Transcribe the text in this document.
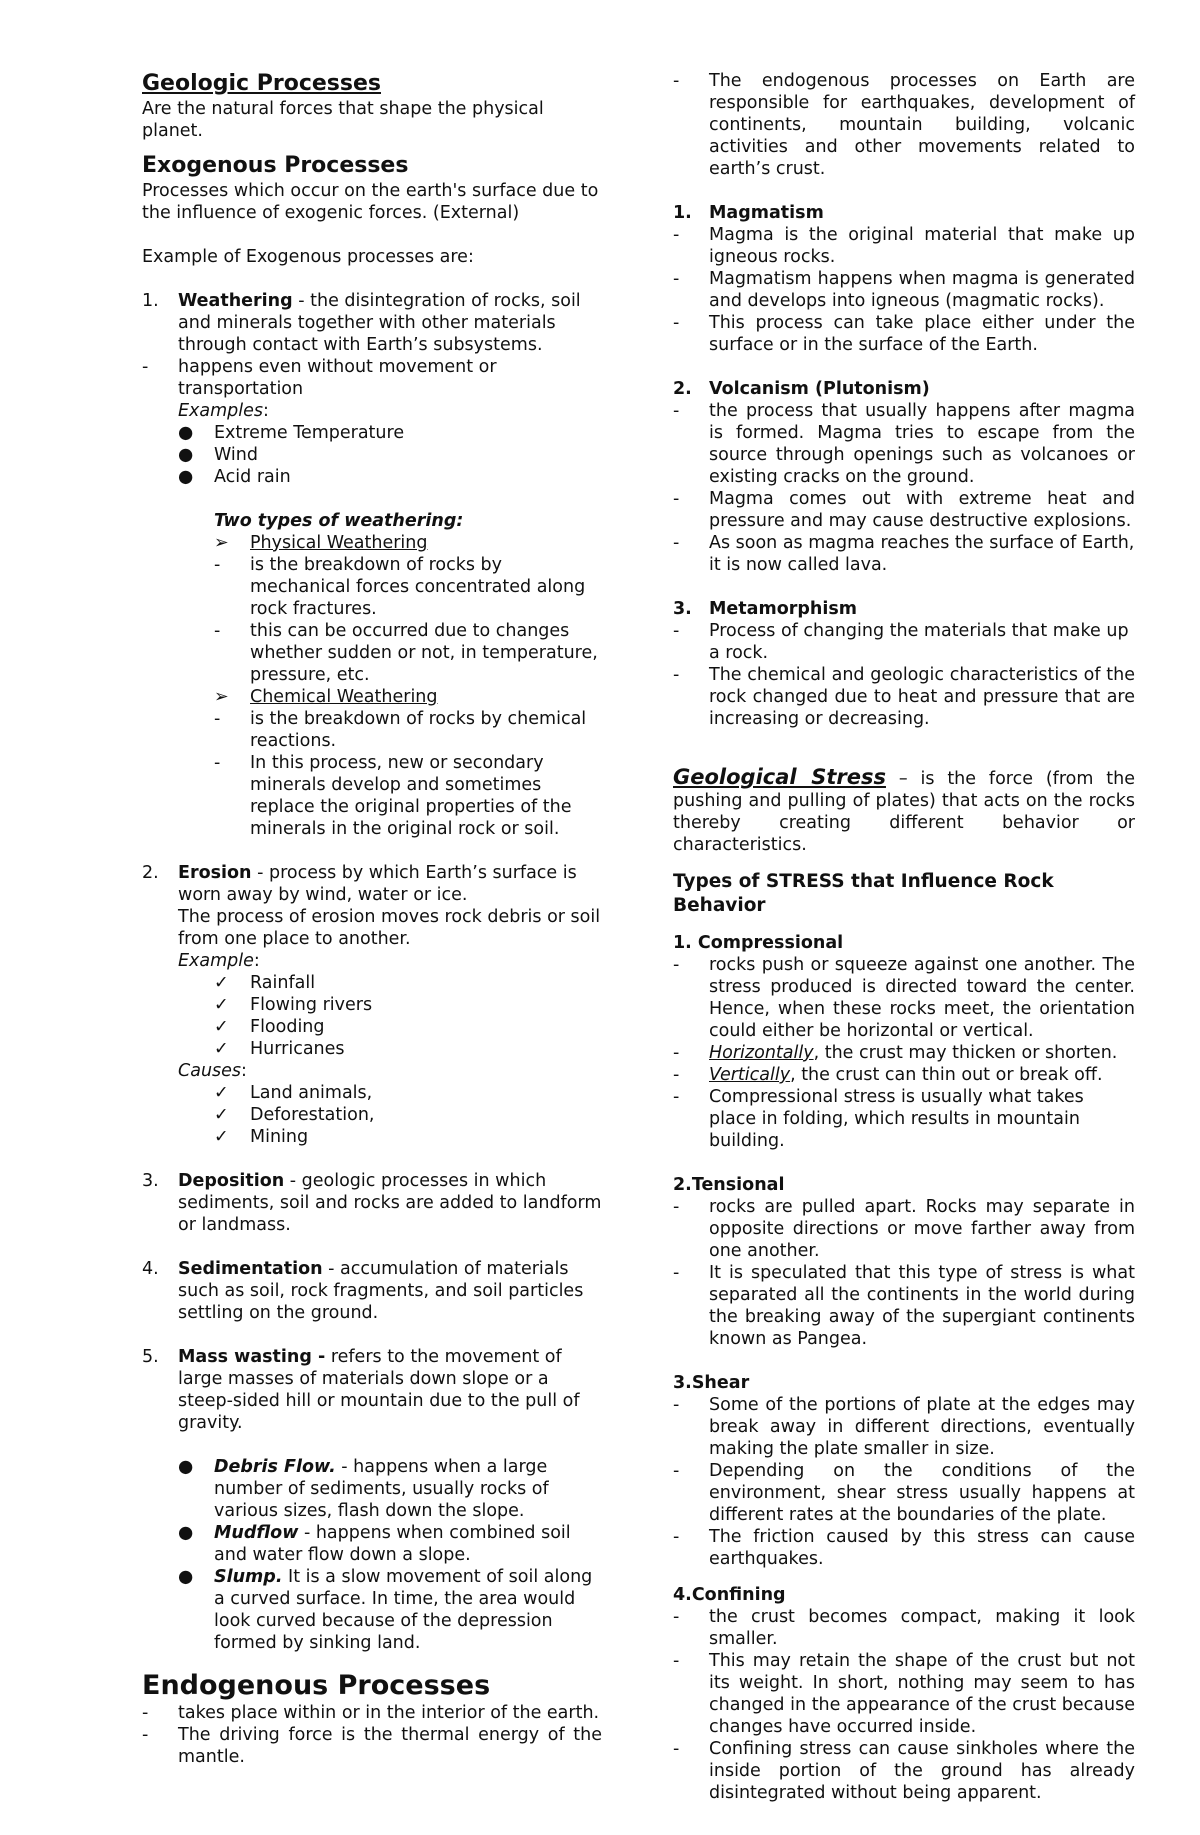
Geologic Processes

Are the natural forces that shape the physical planet.

Exogenous Processes

Processes which occur on the earth's surface due to the influence of exogenic forces. (External)

Example of Exogenous processes are:

1.	Weathering - the disintegration of rocks, soil and minerals together with other materials through contact with Earth’s subsystems.
-	happens even without movement or transportation
Examples:
●	Extreme Temperature
●	Wind
●	Acid rain

Two types of weathering:

➢	Physical Weathering
-	is the breakdown of rocks by mechanical forces concentrated along rock fractures.
-	this can be occurred due to changes whether sudden or not, in temperature, pressure, etc.
➢	Chemical Weathering
-	is the breakdown of rocks by chemical reactions.
-	In this process, new or secondary minerals develop and sometimes replace the original properties of the minerals in the original rock or soil.
2.	Erosion - process by which Earth’s surface is worn away by wind, water or ice.
The process of erosion moves rock debris or soil from one place to another.
Example:
✓	Rainfall
✓	Flowing rivers
✓	Flooding
✓	Hurricanes
Causes:
✓	Land animals,
✓	Deforestation,
✓	Mining
3.	Deposition - geologic processes in which sediments, soil and rocks are added to landform or landmass.
4.	Sedimentation - accumulation of materials such as soil, rock fragments, and soil particles settling on the ground.
5.	Mass wasting - refers to the movement of large masses of materials down slope or a steep-sided hill or mountain due to the pull of gravity.
●	Debris Flow. - happens when a large number of sediments, usually rocks of various sizes, flash down the slope.
●	Mudflow - happens when combined soil and water flow down a slope.
●	Slump. It is a slow movement of soil along a curved surface. In time, the area would look curved because of the depression formed by sinking land.

Endogenous Processes

-	takes place within or in the interior of the earth.
-	The driving force is the thermal energy of the mantle.
-	The endogenous processes on Earth are responsible for earthquakes, development of continents, mountain building, volcanic activities and other movements related to earth’s crust.
1. Magmatism
-	Magma is the original material that make up igneous rocks.
-	Magmatism happens when magma is generated and develops into igneous (magmatic rocks).
-	This process can take place either under the surface or in the surface of the Earth.
2. Volcanism (Plutonism)
-	the process that usually happens after magma is formed. Magma tries to escape from the source through openings such as volcanoes or existing cracks on the ground.
-	Magma comes out with extreme heat and pressure and may cause destructive explosions.
-	As soon as magma reaches the surface of Earth, it is now called lava.
3. Metamorphism
-	Process of changing the materials that make up a rock.
-	The chemical and geologic characteristics of the rock changed due to heat and pressure that are increasing or decreasing.

Geological Stress – is the force (from the pushing and pulling of plates) that acts on the rocks thereby creating different behavior or characteristics.

Types of STRESS that Influence Rock Behavior

1. Compressional

-	rocks push or squeeze against one another. The stress produced is directed toward the center. Hence, when these rocks meet, the orientation could either be horizontal or vertical.
-	Horizontally, the crust may thicken or shorten.
-	Vertically, the crust can thin out or break off.
-	Compressional stress is usually what takes place in folding, which results in mountain building.

2.Tensional

-	rocks are pulled apart. Rocks may separate in opposite directions or move farther away from one another.
-	It is speculated that this type of stress is what separated all the continents in the world during the breaking away of the supergiant continents known as Pangea.

3.Shear

-	Some of the portions of plate at the edges may break away in different directions, eventually making the plate smaller in size.
-	Depending on the conditions of the environment, shear stress usually happens at different rates at the boundaries of the plate.
-	The friction caused by this stress can cause earthquakes.

4.Confining

-	the crust becomes compact, making it look smaller.
-	This may retain the shape of the crust but not its weight. In short, nothing may seem to has changed in the appearance of the crust because changes have occurred inside.
-	Confining stress can cause sinkholes where the inside portion of the ground has already disintegrated without being apparent.
